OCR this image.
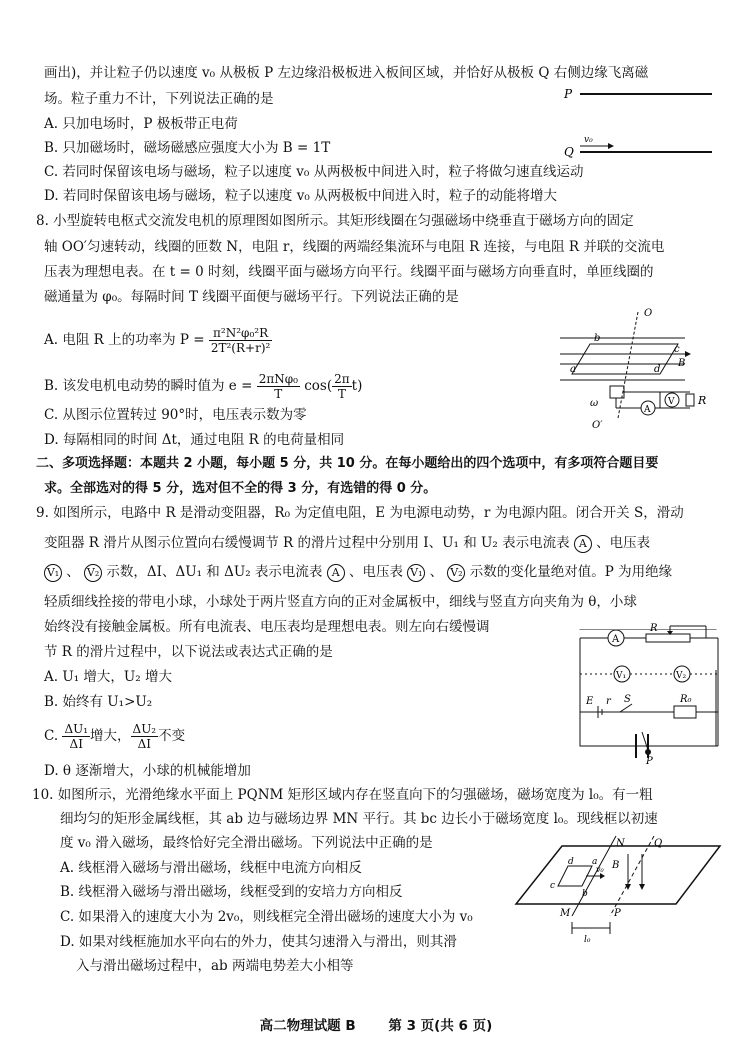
画出)，并让粒子仍以速度 v₀ 从极板 P 左边缘沿极板进入板间区域，并恰好从极板 Q 右侧边缘飞离磁
场。粒子重力不计，下列说法正确的是
A. 只加电场时，P 极板带正电荷
B. 只加磁场时，磁场磁感应强度大小为 B = 1T
C. 若同时保留该电场与磁场，粒子以速度 v₀ 从两极板中间进入时，粒子将做匀速直线运动
D. 若同时保留该电场与磁场，粒子以速度 v₀ 从两极板中间进入时，粒子的动能将增大
8. 小型旋转电枢式交流发电机的原理图如图所示。其矩形线圈在匀强磁场中绕垂直于磁场方向的固定
轴 OO′匀速转动，线圈的匝数 N，电阻 r，线圈的两端经集流环与电阻 R 连接，与电阻 R 并联的交流电
压表为理想电表。在 t = 0 时刻，线圈平面与磁场方向平行。线圈平面与磁场方向垂直时，单匝线圈的
磁通量为 φ₀。每隔时间 T 线圈平面便与磁场平行。下列说法正确的是
A. 电阻 R 上的功率为 $P = \frac{\text{π²N²φ₀²R}}{\text{2T²(R+r)²}}$
B. 该发电机电动势的瞬时值为 $e = \frac{\text{2πNφ₀}}{T} \cos( \frac{2\pi}{T} t)$
C. 从图示位置转过 90°时，电压表示数为零
D. 每隔相同的时间 Δt，通过电阻 R 的电荷量相同
二、多项选择题：本题共 2 小题，每小题 5 分，共 10 分。在每小题给出的四个选项中，有多项符合题目要
求。全部选对的得 5 分，选对但不全的得 3 分，有选错的得 0 分。
9. 如图所示，电路中 R 是滑动变阻器，R₀ 为定值电阻，E 为电源电动势，r 为电源内阻。闭合开关 S，滑动
变阻器 R 滑片从图示位置向右缓慢调节 R 的滑片过程中分别用 I、U₁ 和 U₂ 表示电流表 A 、电压表
V₁ 、 V₂ 示数，ΔI、ΔU₁ 和 ΔU₂ 表示电流表 A 、电压表 V₁ 、 V₂ 示数的变化量绝对值。P 为用绝缘
轻质细线拴接的带电小球，小球处于两片竖直方向的正对金属板中，细线与竖直方向夹角为 θ，小球
始终没有接触金属板。所有电流表、电压表均是理想电表。则左向右缓慢调
节 R 的滑片过程中，以下说法或表达式正确的是
A. U₁ 增大，U₂ 增大
B. 始终有 U₁>U₂
C. $\frac{\text{ΔU₁}}{\Delta I}$ 增大， $\frac{\text{ΔU₂}}{\Delta I}$ 不变
D. θ 逐渐增大，小球的机械能增加
10. 如图所示，光滑绝缘水平面上 PQNM 矩形区域内存在竖直向下的匀强磁场，磁场宽度为 l₀。有一粗
细均匀的矩形金属线框，其 ab 边与磁场边界 MN 平行。其 bc 边长小于磁场宽度 l₀。现线框以初速
度 v₀ 滑入磁场，最终恰好完全滑出磁场。下列说法中正确的是
A. 线框滑入磁场与滑出磁场，线框中电流方向相反
B. 线框滑入磁场与滑出磁场，线框受到的安培力方向相反
C. 如果滑入的速度大小为 2v₀，则线框完全滑出磁场的速度大小为 v₀
D. 如果对线框施加水平向右的外力，使其匀速滑入与滑出，则其滑
入与滑出磁场过程中，ab 两端电势差大小相等
P
Q
v₀
O
c
B
b
d
a
A
V R
ω
O′
A
R
V₁	V₂
E r S	R₀
P
N	Q
M	P
d a
c
b
v₀ B
l₀
高二物理试题 B 第 3 页(共 6 页)
